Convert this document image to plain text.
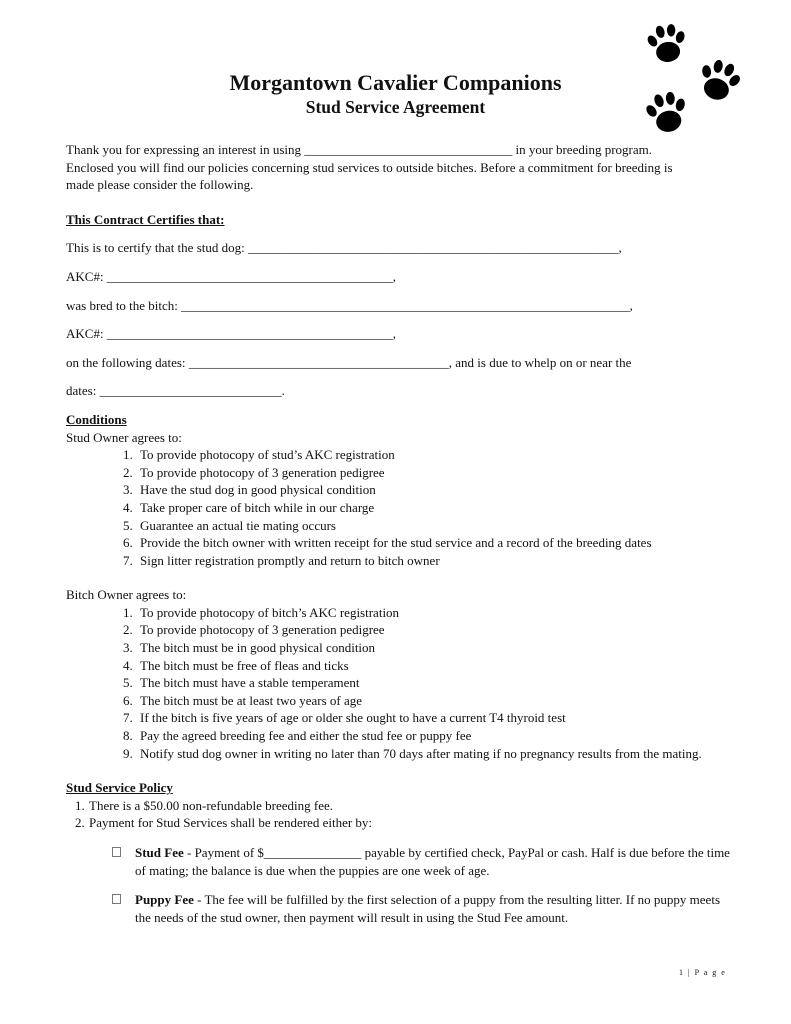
Morgantown Cavalier Companions
Stud Service Agreement

Thank you for expressing an interest in using ________________________________ in your breeding program.

Enclosed you will find our policies concerning stud services to outside bitches. Before a commitment for breeding is

made please consider the following.

This Contract Certifies that:

This is to certify that the stud dog: _________________________________________________________,

AKC#: ____________________________________________,

was bred to the bitch: _____________________________________________________________________,

AKC#: ____________________________________________,

on the following dates: ________________________________________, and is due to whelp on or near the

dates: ____________________________.

Conditions

Stud Owner agrees to:

1. To provide photocopy of stud’s AKC registration
2. To provide photocopy of 3 generation pedigree
3. Have the stud dog in good physical condition
4. Take proper care of bitch while in our charge
5. Guarantee an actual tie mating occurs
6. Provide the bitch owner with written receipt for the stud service and a record of the breeding dates
7. Sign litter registration promptly and return to bitch owner

Bitch Owner agrees to:

1. To provide photocopy of bitch’s AKC registration
2. To provide photocopy of 3 generation pedigree
3. The bitch must be in good physical condition
4. The bitch must be free of fleas and ticks
5. The bitch must have a stable temperament
6. The bitch must be at least two years of age
7. If the bitch is five years of age or older she ought to have a current T4 thyroid test
8. Pay the agreed breeding fee and either the stud fee or puppy fee
9. Notify stud dog owner in writing no later than 70 days after mating if no pregnancy results from the mating.

Stud Service Policy

1. There is a $50.00 non-refundable breeding fee.
2. Payment for Stud Services shall be rendered either by:
Stud Fee - Payment of $_______________ payable by certified check, PayPal or cash. Half is due before the time of mating; the balance is due when the puppies are one week of age.
Puppy Fee - The fee will be fulfilled by the first selection of a puppy from the resulting litter. If no puppy meets the needs of the stud owner, then payment will result in using the Stud Fee amount.
1 | P a g e
